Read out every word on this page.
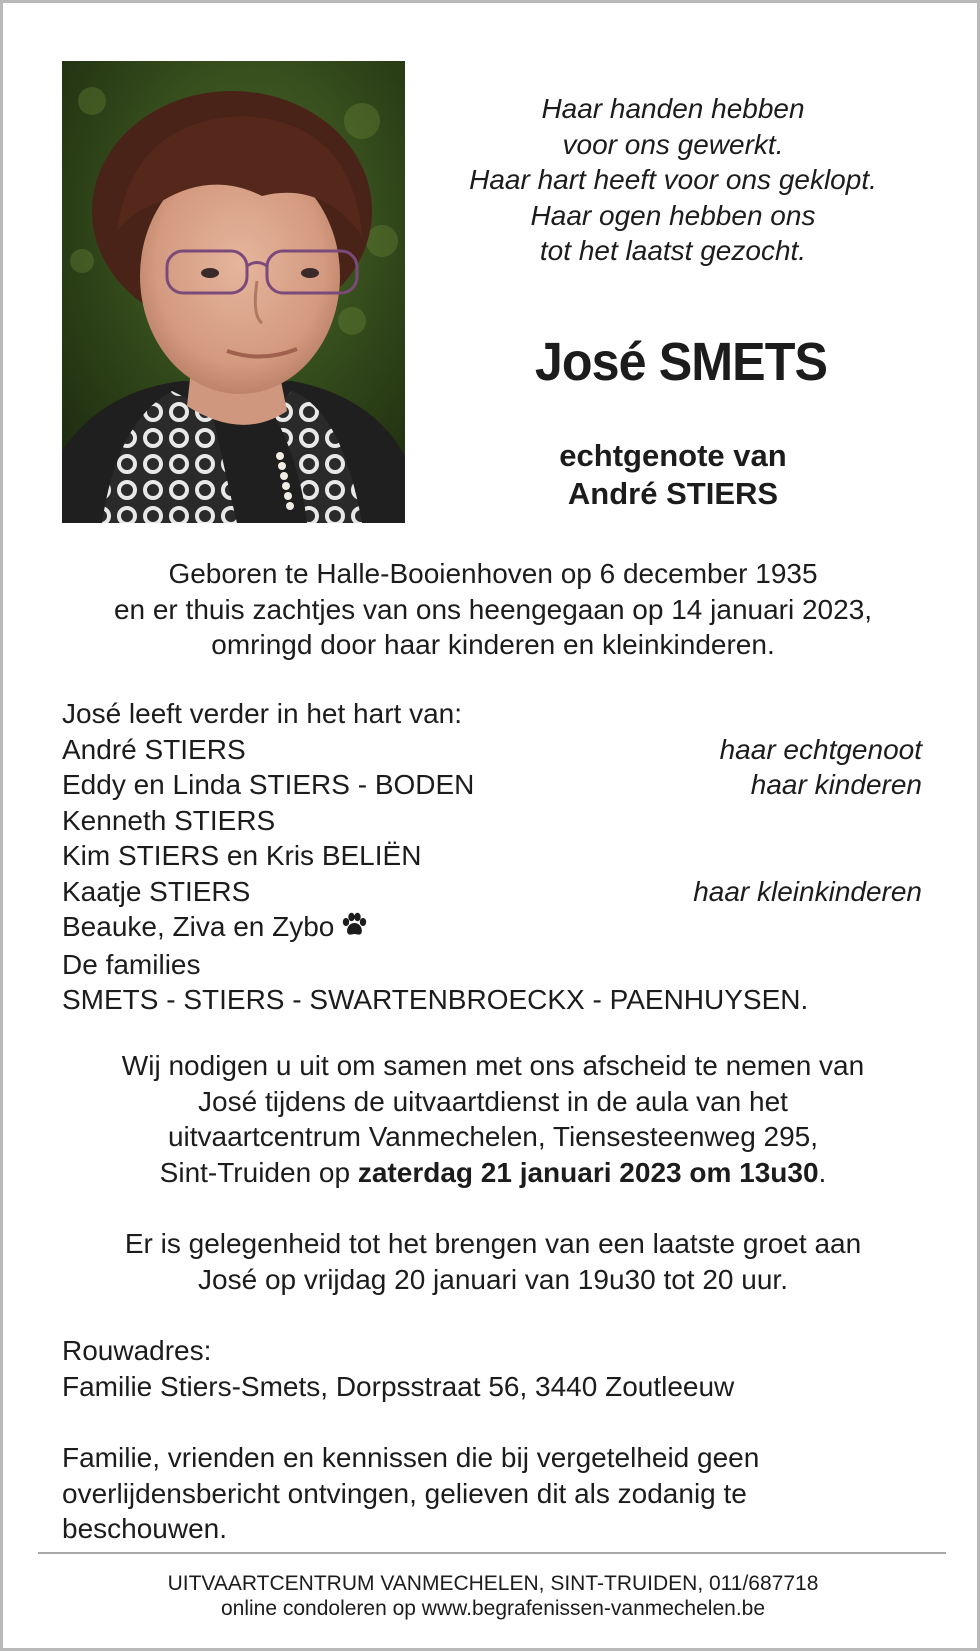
Haar handen hebben
voor ons gewerkt.
Haar hart heeft voor ons geklopt.
Haar ogen hebben ons
tot het laatst gezocht.
José SMETS
echtgenote van
André STIERS
Geboren te Halle-Booienhoven op 6 december 1935
en er thuis zachtjes van ons heengegaan op 14 januari 2023,
omringd door haar kinderen en kleinkinderen.
José leeft verder in het hart van:
André STIERS	haar echtgenoot
Eddy en Linda STIERS - BODEN	haar kinderen
Kenneth STIERS
Kim STIERS en Kris BELIËN
Kaatje STIERS	haar kleinkinderen
Beauke, Ziva en Zybo
De families
SMETS - STIERS - SWARTENBROECKX - PAENHUYSEN.
Wij nodigen u uit om samen met ons afscheid te nemen van
José tijdens de uitvaartdienst in de aula van het
uitvaartcentrum Vanmechelen, Tiensesteenweg 295,
Sint-Truiden op zaterdag 21 januari 2023 om 13u30.
Er is gelegenheid tot het brengen van een laatste groet aan
José op vrijdag 20 januari van 19u30 tot 20 uur.
Rouwadres:
Familie Stiers-Smets, Dorpsstraat 56, 3440 Zoutleeuw
Familie, vrienden en kennissen die bij vergetelheid geen
overlijdensbericht ontvingen, gelieven dit als zodanig te
beschouwen.
UITVAARTCENTRUM VANMECHELEN, SINT-TRUIDEN, 011/687718
online condoleren op www.begrafenissen-vanmechelen.be
